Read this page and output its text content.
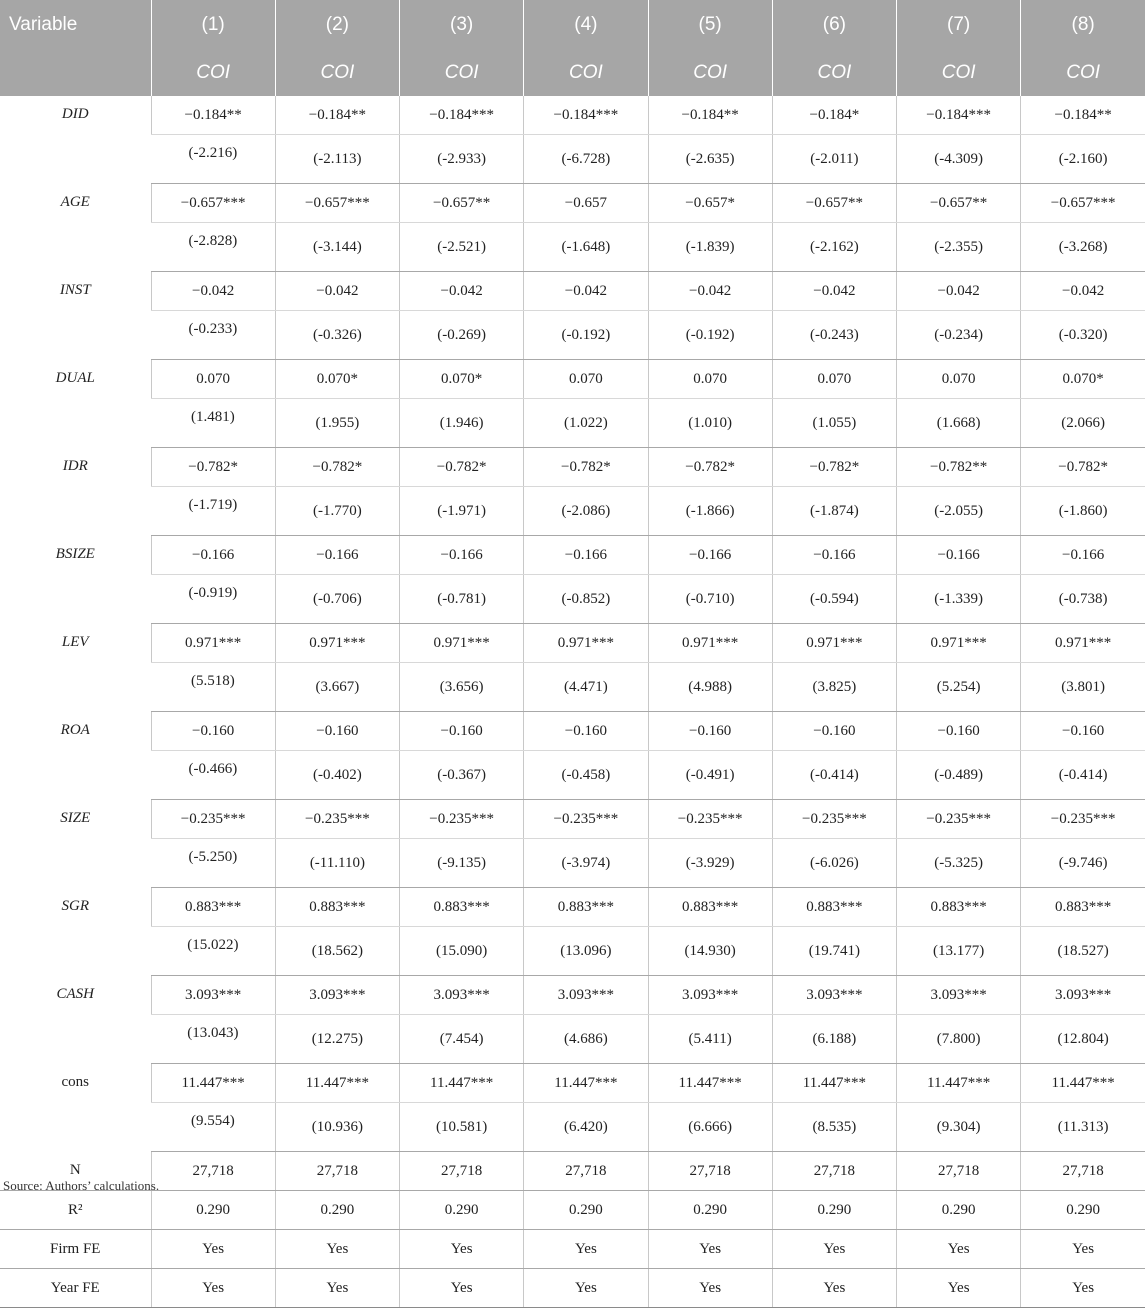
Variable	(1)	(2)	(3)	(4)	(5)	(6)	(7)	(8)
	COI	COI	COI	COI	COI	COI	COI	COI
DID	−0.184**	−0.184**	−0.184***	−0.184***	−0.184**	−0.184*	−0.184***	−0.184**
	(-2.216)	(-2.113)	(-2.933)	(-6.728)	(-2.635)	(-2.011)	(-4.309)	(-2.160)
AGE	−0.657***	−0.657***	−0.657**	−0.657	−0.657*	−0.657**	−0.657**	−0.657***
	(-2.828)	(-3.144)	(-2.521)	(-1.648)	(-1.839)	(-2.162)	(-2.355)	(-3.268)
INST	−0.042	−0.042	−0.042	−0.042	−0.042	−0.042	−0.042	−0.042
	(-0.233)	(-0.326)	(-0.269)	(-0.192)	(-0.192)	(-0.243)	(-0.234)	(-0.320)
DUAL	0.070	0.070*	0.070*	0.070	0.070	0.070	0.070	0.070*
	(1.481)	(1.955)	(1.946)	(1.022)	(1.010)	(1.055)	(1.668)	(2.066)
IDR	−0.782*	−0.782*	−0.782*	−0.782*	−0.782*	−0.782*	−0.782**	−0.782*
	(-1.719)	(-1.770)	(-1.971)	(-2.086)	(-1.866)	(-1.874)	(-2.055)	(-1.860)
BSIZE	−0.166	−0.166	−0.166	−0.166	−0.166	−0.166	−0.166	−0.166
	(-0.919)	(-0.706)	(-0.781)	(-0.852)	(-0.710)	(-0.594)	(-1.339)	(-0.738)
LEV	0.971***	0.971***	0.971***	0.971***	0.971***	0.971***	0.971***	0.971***
	(5.518)	(3.667)	(3.656)	(4.471)	(4.988)	(3.825)	(5.254)	(3.801)
ROA	−0.160	−0.160	−0.160	−0.160	−0.160	−0.160	−0.160	−0.160
	(-0.466)	(-0.402)	(-0.367)	(-0.458)	(-0.491)	(-0.414)	(-0.489)	(-0.414)
SIZE	−0.235***	−0.235***	−0.235***	−0.235***	−0.235***	−0.235***	−0.235***	−0.235***
	(-5.250)	(-11.110)	(-9.135)	(-3.974)	(-3.929)	(-6.026)	(-5.325)	(-9.746)
SGR	0.883***	0.883***	0.883***	0.883***	0.883***	0.883***	0.883***	0.883***
	(15.022)	(18.562)	(15.090)	(13.096)	(14.930)	(19.741)	(13.177)	(18.527)
CASH	3.093***	3.093***	3.093***	3.093***	3.093***	3.093***	3.093***	3.093***
	(13.043)	(12.275)	(7.454)	(4.686)	(5.411)	(6.188)	(7.800)	(12.804)
cons	11.447***	11.447***	11.447***	11.447***	11.447***	11.447***	11.447***	11.447***
	(9.554)	(10.936)	(10.581)	(6.420)	(6.666)	(8.535)	(9.304)	(11.313)
N	27,718	27,718	27,718	27,718	27,718	27,718	27,718	27,718
R²	0.290	0.290	0.290	0.290	0.290	0.290	0.290	0.290
Firm FE	Yes	Yes	Yes	Yes	Yes	Yes	Yes	Yes
Year FE	Yes	Yes	Yes	Yes	Yes	Yes	Yes	Yes
Source: Authors’ calculations.
